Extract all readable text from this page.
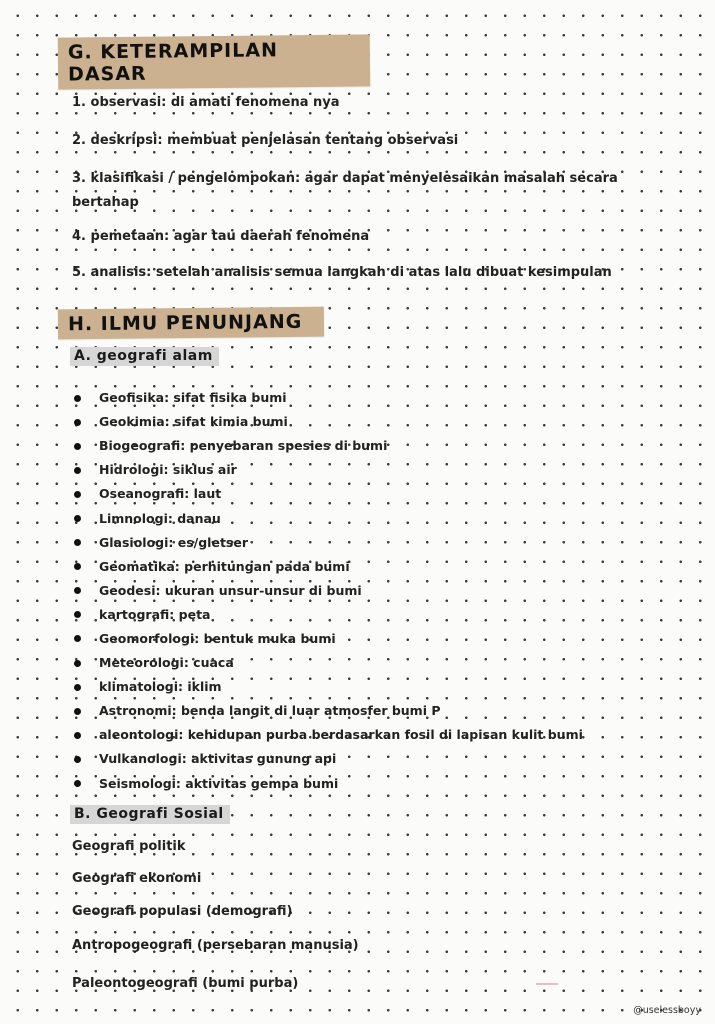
G. KETERAMPILAN DASAR
1. observasi: di amati fenomena nya
2. deskripsi: membuat penjelasan tentang observasi
3. klasifikasi / pengelompokan: agar dapat menyelesaikan masalah secara bertahap
4. pemetaan: agar tau daerah fenomena
5. analisis: setelah analisis semua langkah di atas lalu dibuat kesimpulan
H. ILMU PENUNJANG
A. geografi alam
Geofisika: sifat fisika bumi
Geokimia: sifat kimia bumi
Biogeografi: penyebaran spesies di bumi
Hidrologi: siklus air
Oseanografi: laut
Limnologi: danau
Glasiologi: es/gletser
Geomatika: perhitungan pada bumi
Geodesi: ukuran unsur-unsur di bumi
kartografi: peta
Geomorfologi: bentuk muka bumi
Meteorologi: cuaca
klimatologi: iklim
Astronomi: benda langit di luar atmosfer bumi P
aleontologi: kehidupan purba berdasarkan fosil di lapisan kulit bumi
Vulkanologi: aktivitas gunung api
Seismologi: aktivitas gempa bumi
B. Geografi Sosial
Geografi politik
Geografi ekonomi
Geografi populasi (demografi)
Antropogeografi (persebaran manusia)
Paleontogeografi (bumi purba)
@uselessboyy
